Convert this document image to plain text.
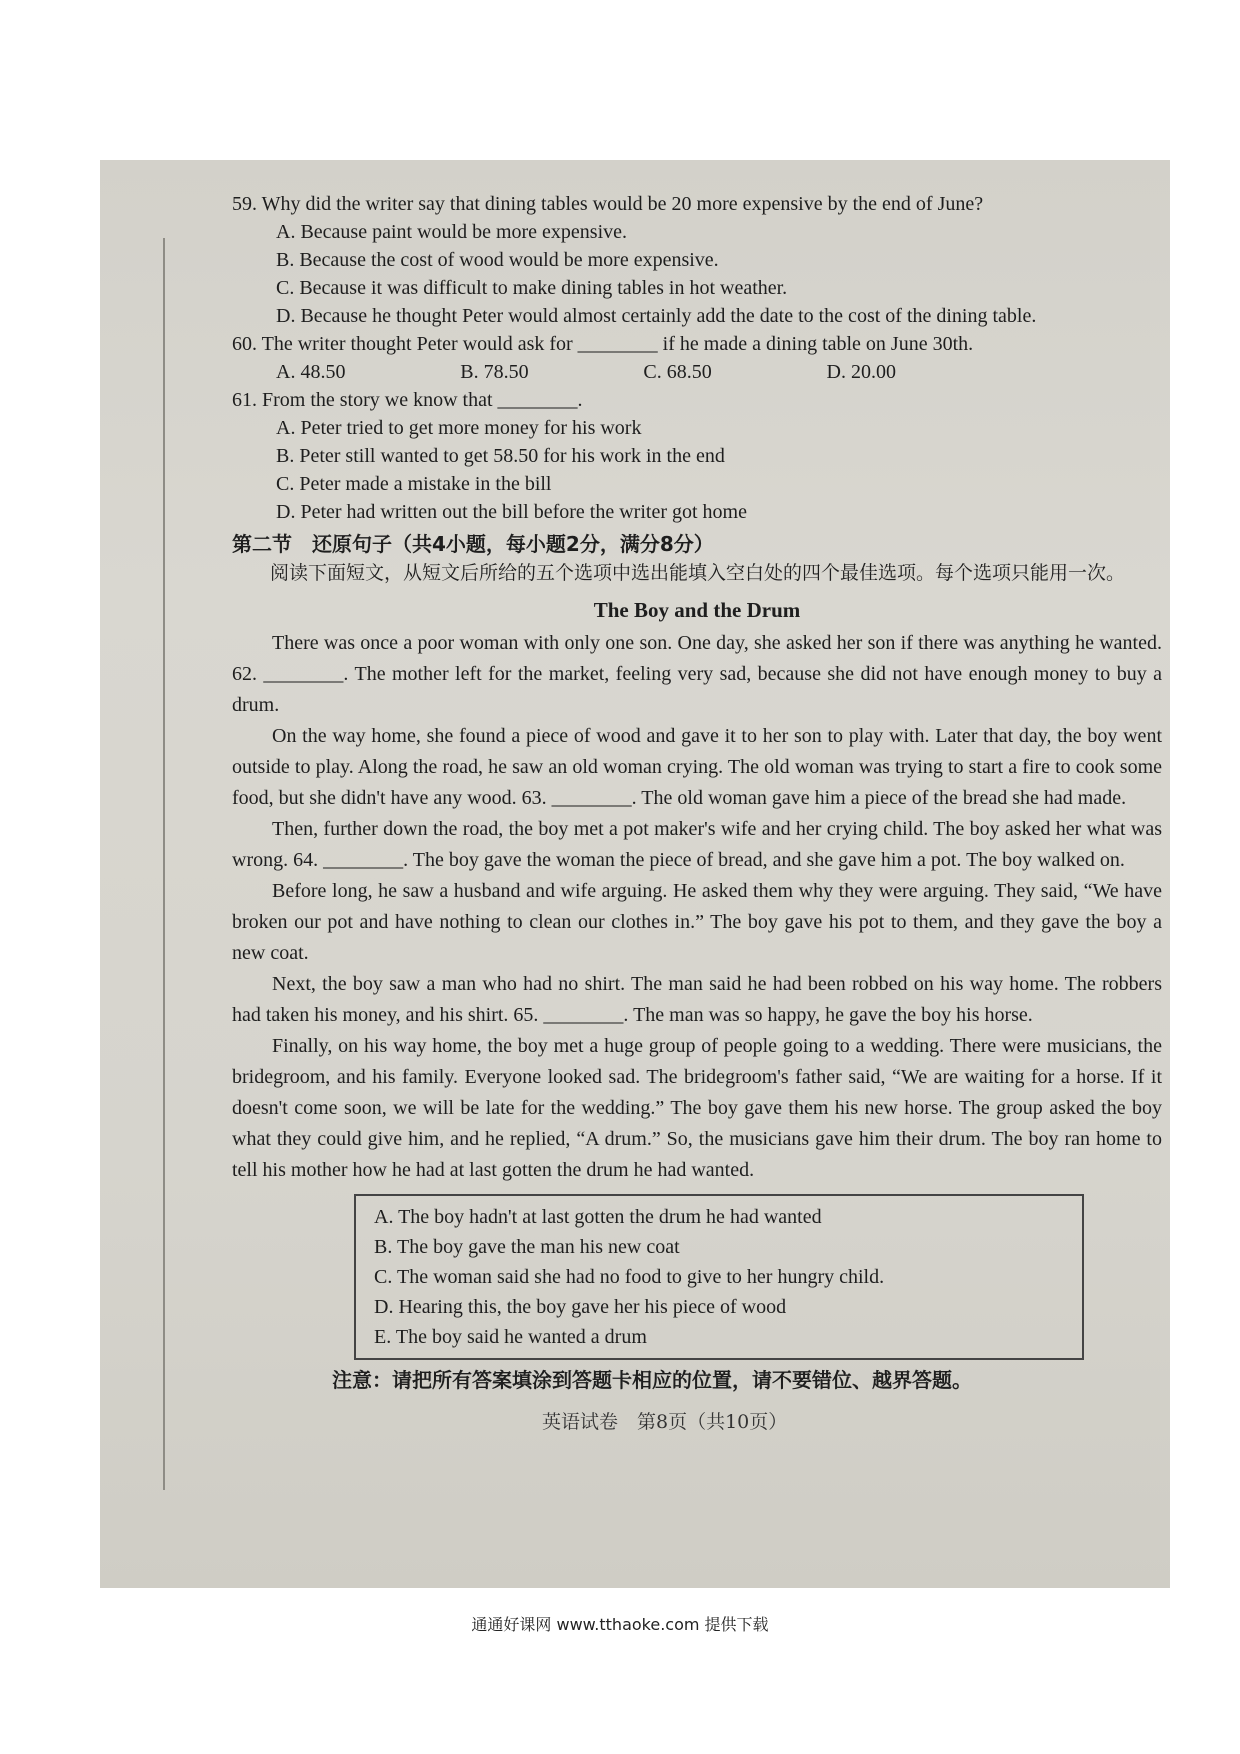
59. Why did the writer say that dining tables would be 20 more expensive by the end of June?
A. Because paint would be more expensive.
B. Because the cost of wood would be more expensive.
C. Because it was difficult to make dining tables in hot weather.
D. Because he thought Peter would almost certainly add the date to the cost of the dining table.
60. The writer thought Peter would ask for ________ if he made a dining table on June 30th.
A. 48.50	B. 78.50	C. 68.50	D. 20.00
61. From the story we know that ________.
A. Peter tried to get more money for his work
B. Peter still wanted to get 58.50 for his work in the end
C. Peter made a mistake in the bill
D. Peter had written out the bill before the writer got home
第二节　还原句子（共4小题，每小题2分，满分8分）
阅读下面短文，从短文后所给的五个选项中选出能填入空白处的四个最佳选项。每个选项只能用一次。
The Boy and the Drum

There was once a poor woman with only one son. One day, she asked her son if there was anything he wanted. 62. ________. The mother left for the market, feeling very sad, because she did not have enough money to buy a drum.

On the way home, she found a piece of wood and gave it to her son to play with. Later that day, the boy went outside to play. Along the road, he saw an old woman crying. The old woman was trying to start a fire to cook some food, but she didn't have any wood. 63. ________. The old woman gave him a piece of the bread she had made.

Then, further down the road, the boy met a pot maker's wife and her crying child. The boy asked her what was wrong. 64. ________. The boy gave the woman the piece of bread, and she gave him a pot. The boy walked on.

Before long, he saw a husband and wife arguing. He asked them why they were arguing. They said, “We have broken our pot and have nothing to clean our clothes in.” The boy gave his pot to them, and they gave the boy a new coat.

Next, the boy saw a man who had no shirt. The man said he had been robbed on his way home. The robbers had taken his money, and his shirt. 65. ________. The man was so happy, he gave the boy his horse.

Finally, on his way home, the boy met a huge group of people going to a wedding. There were musicians, the bridegroom, and his family. Everyone looked sad. The bridegroom's father said, “We are waiting for a horse. If it doesn't come soon, we will be late for the wedding.” The boy gave them his new horse. The group asked the boy what they could give him, and he replied, “A drum.” So, the musicians gave him their drum. The boy ran home to tell his mother how he had at last gotten the drum he had wanted.

A. The boy hadn't at last gotten the drum he had wanted
B. The boy gave the man his new coat
C. The woman said she had no food to give to her hungry child.
D. Hearing this, the boy gave her his piece of wood
E. The boy said he wanted a drum
注意：请把所有答案填涂到答题卡相应的位置，请不要错位、越界答题。
英语试卷　第8页（共10页）
通通好课网 www.tthaoke.com 提供下载
